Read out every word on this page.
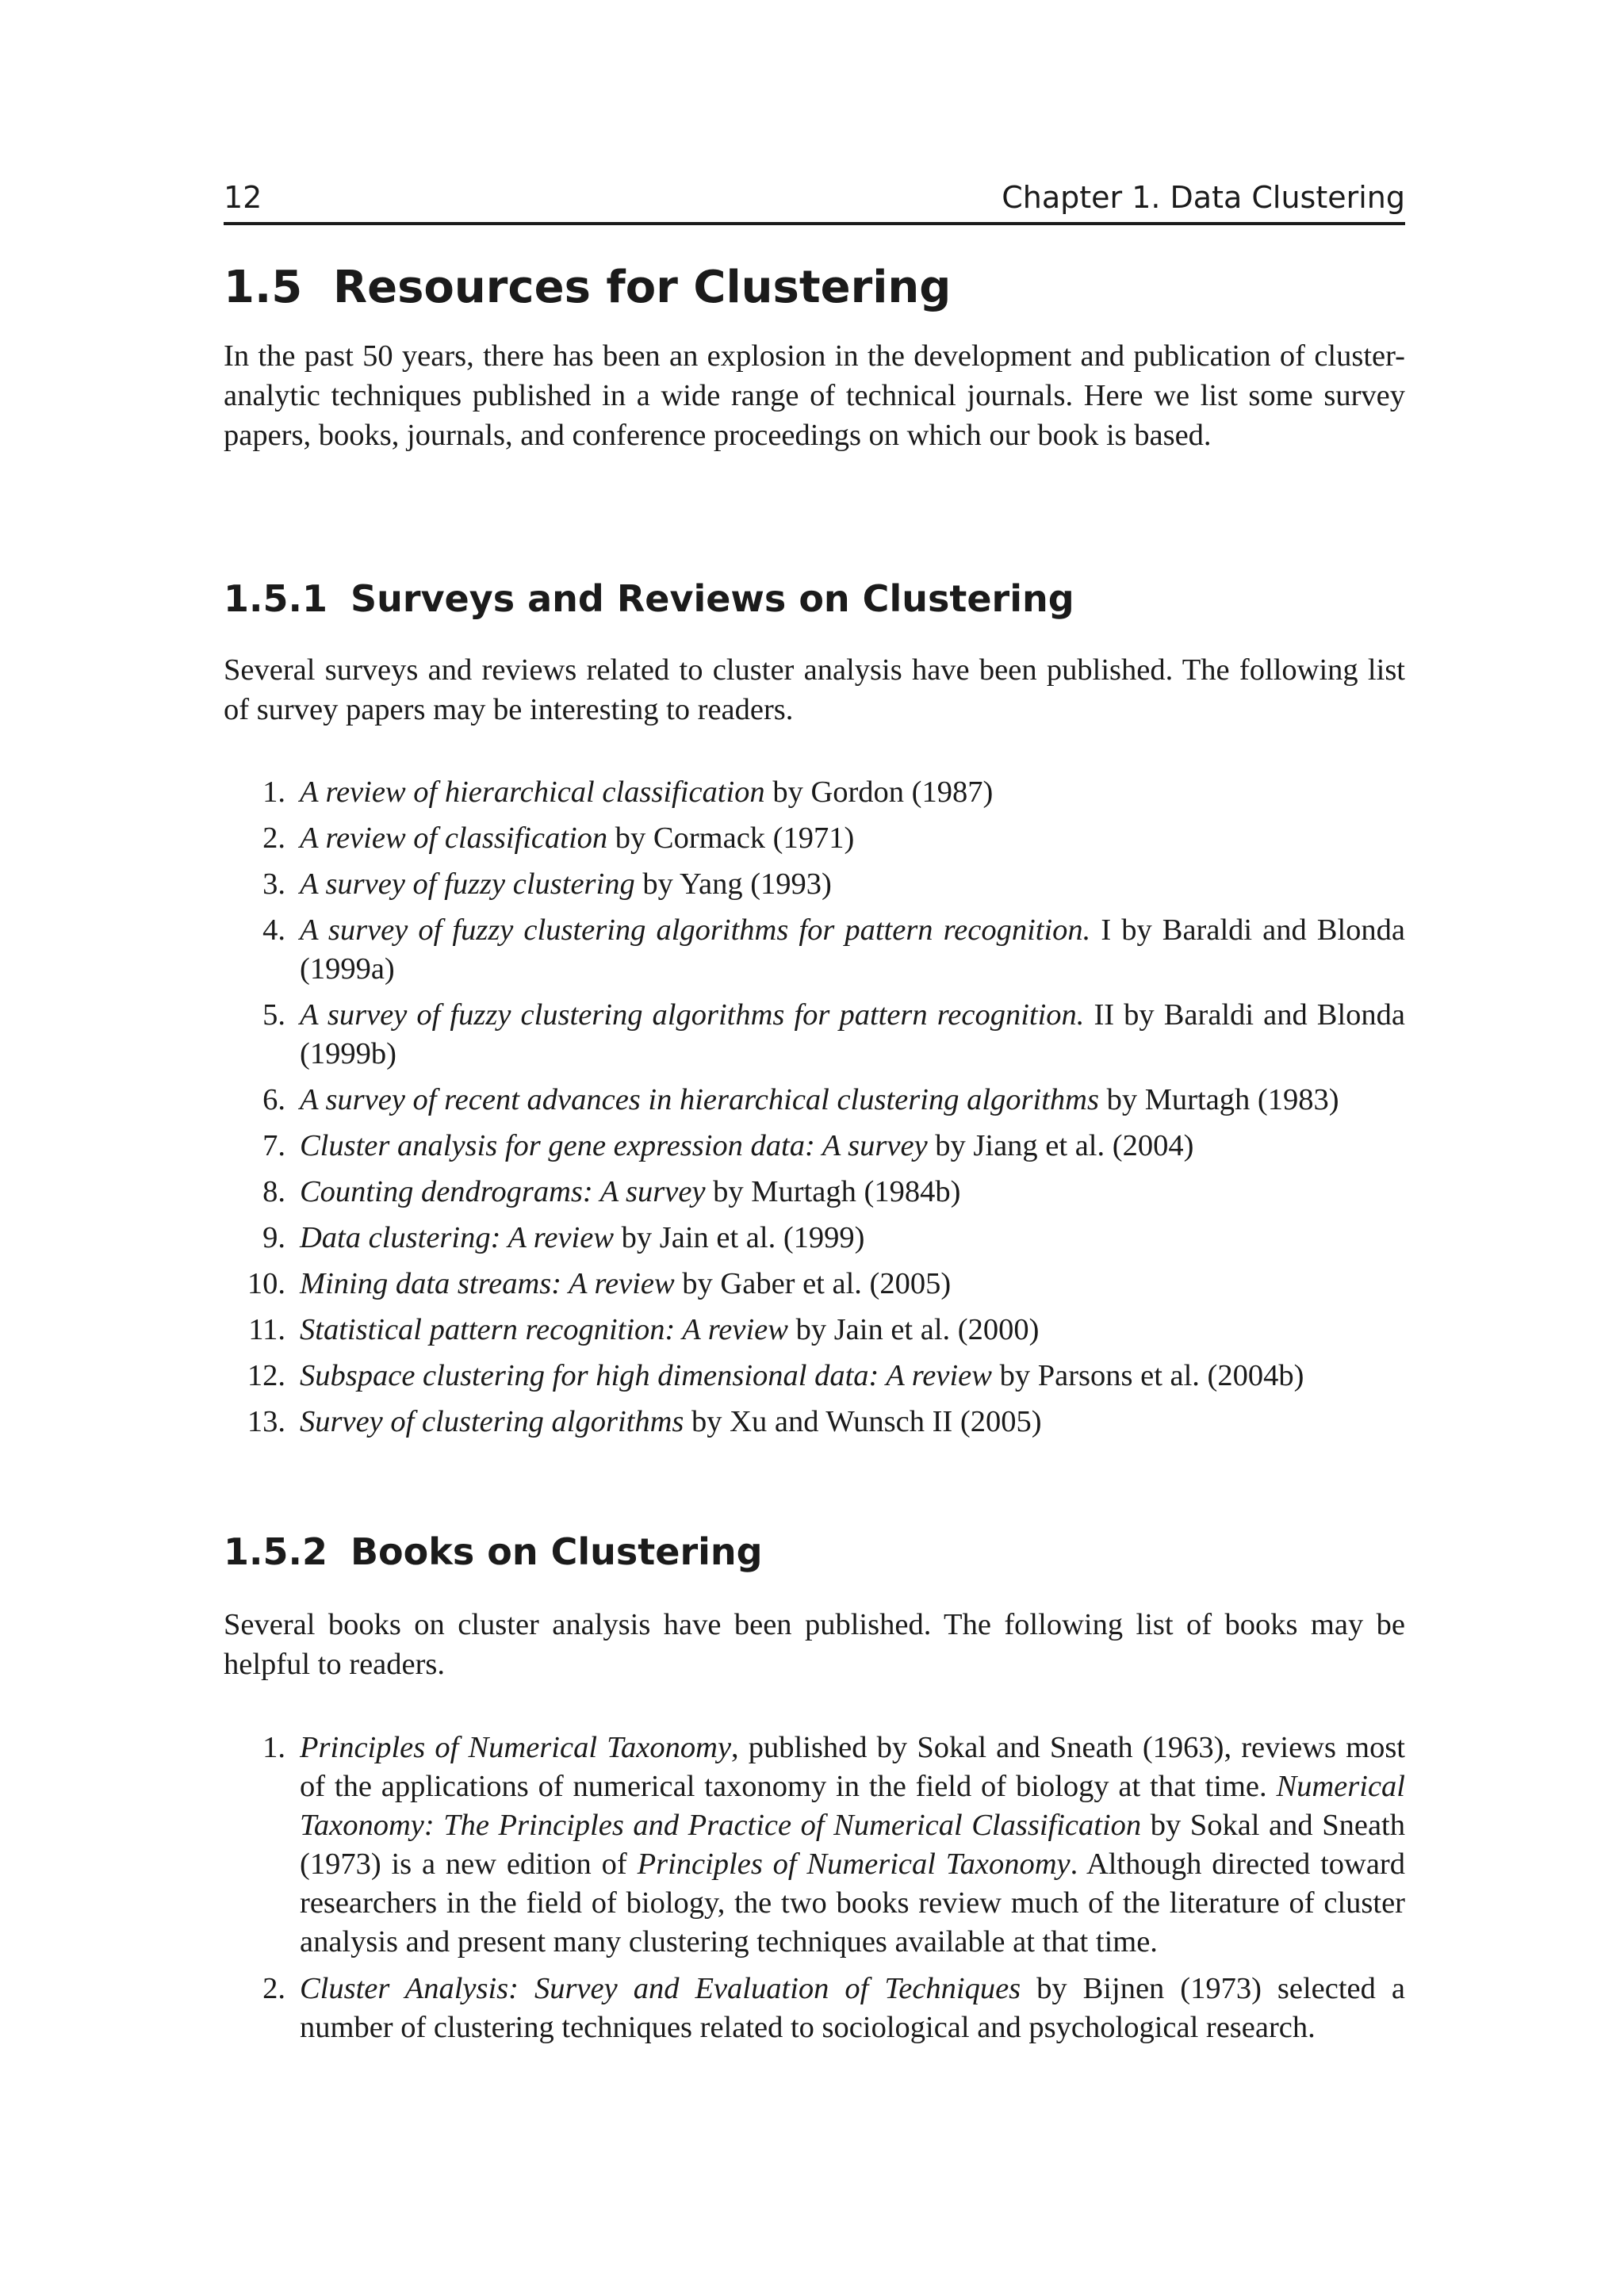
12	Chapter 1. Data Clustering
1.5 Resources for Clustering

In the past 50 years, there has been an explosion in the development and publication of cluster-analytic techniques published in a wide range of technical journals. Here we list some survey papers, books, journals, and conference proceedings on which our book is based.

1.5.1 Surveys and Reviews on Clustering

Several surveys and reviews related to cluster analysis have been published. The following list of survey papers may be interesting to readers.

1. A review of hierarchical classification by Gordon (1987)
2. A review of classification by Cormack (1971)
3. A survey of fuzzy clustering by Yang (1993)
4. A survey of fuzzy clustering algorithms for pattern recognition. I by Baraldi and Blonda (1999a)
5. A survey of fuzzy clustering algorithms for pattern recognition. II by Baraldi and Blonda (1999b)
6. A survey of recent advances in hierarchical clustering algorithms by Murtagh (1983)
7. Cluster analysis for gene expression data: A survey by Jiang et al. (2004)
8. Counting dendrograms: A survey by Murtagh (1984b)
9. Data clustering: A review by Jain et al. (1999)
10. Mining data streams: A review by Gaber et al. (2005)
11. Statistical pattern recognition: A review by Jain et al. (2000)
12. Subspace clustering for high dimensional data: A review by Parsons et al. (2004b)
13. Survey of clustering algorithms by Xu and Wunsch II (2005)
1.5.2 Books on Clustering

Several books on cluster analysis have been published. The following list of books may be helpful to readers.

1. Principles of Numerical Taxonomy, published by Sokal and Sneath (1963), reviews most of the applications of numerical taxonomy in the field of biology at that time. Numerical Taxonomy: The Principles and Practice of Numerical Classification by Sokal and Sneath (1973) is a new edition of Principles of Numerical Taxonomy. Although directed toward researchers in the field of biology, the two books review much of the literature of cluster analysis and present many clustering techniques available at that time.
2. Cluster Analysis: Survey and Evaluation of Techniques by Bijnen (1973) selected a number of clustering techniques related to sociological and psychological research.
